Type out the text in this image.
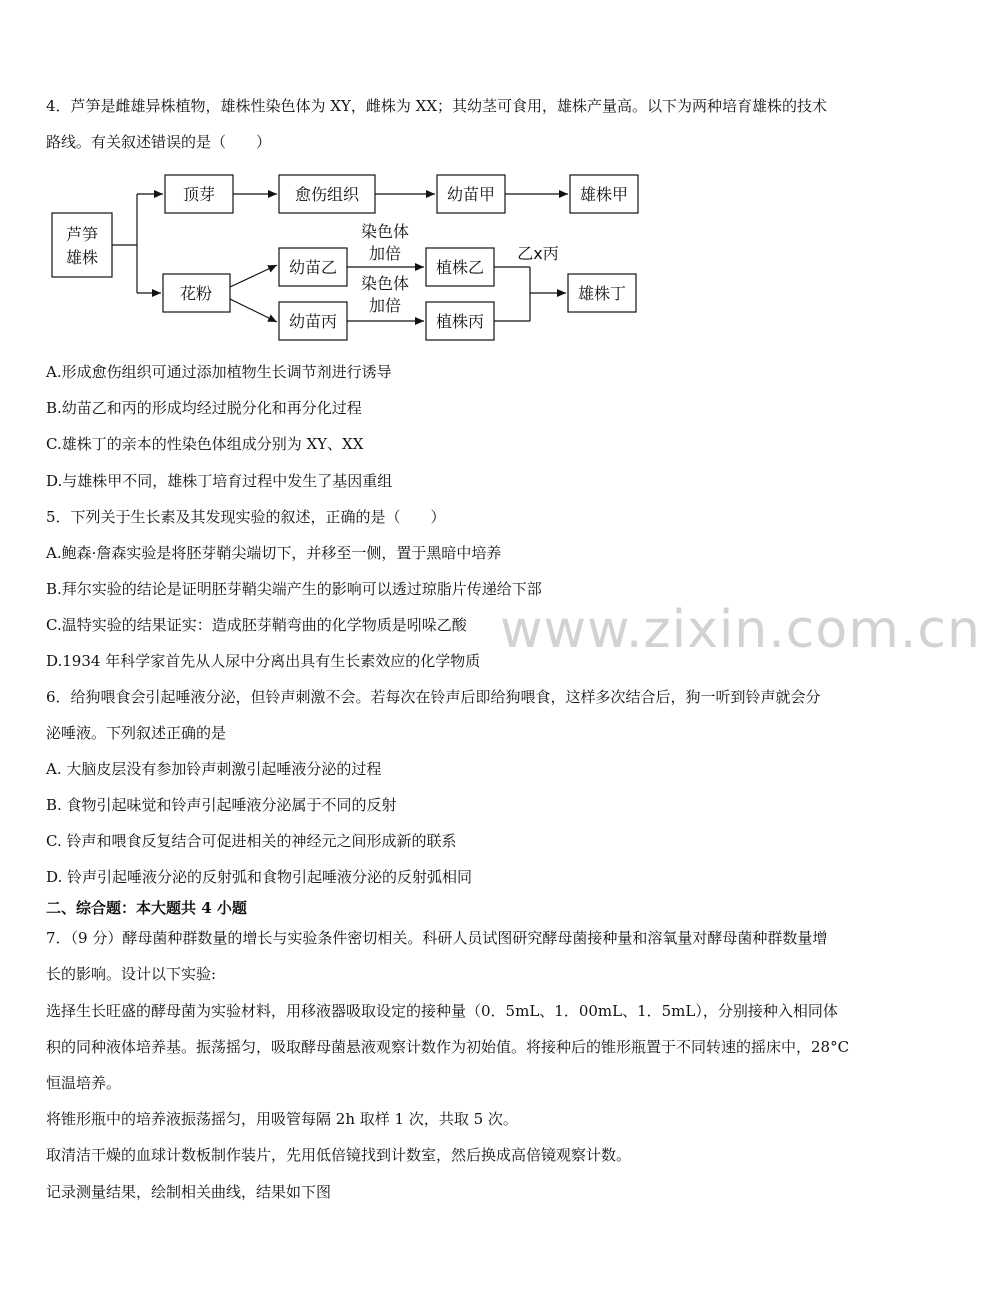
www.zixin.com.cn
4．芦笋是雌雄异株植物，雄株性染色体为 XY，雌株为 XX；其幼茎可食用，雄株产量高。以下为两种培育雄株的技术
路线。有关叙述错误的是（　　）
芦笋
雄株
顶芽	愈伤组织	幼苗甲	雄株甲
花粉
幼苗乙
幼苗丙
植株乙
植株丙
雄株丁
染色体
加倍
染色体
加倍
乙x丙
A.形成愈伤组织可通过添加植物生长调节剂进行诱导
B.幼苗乙和丙的形成均经过脱分化和再分化过程
C.雄株丁的亲本的性染色体组成分别为 XY、XX
D.与雄株甲不同，雄株丁培育过程中发生了基因重组
5．下列关于生长素及其发现实验的叙述，正确的是（　　）
A.鲍森·詹森实验是将胚芽鞘尖端切下，并移至一侧，置于黑暗中培养
B.拜尔实验的结论是证明胚芽鞘尖端产生的影响可以透过琼脂片传递给下部
C.温特实验的结果证实：造成胚芽鞘弯曲的化学物质是吲哚乙酸
D.1934 年科学家首先从人尿中分离出具有生长素效应的化学物质
6．给狗喂食会引起唾液分泌，但铃声刺激不会。若每次在铃声后即给狗喂食，这样多次结合后，狗一听到铃声就会分
泌唾液。下列叙述正确的是
A. 大脑皮层没有参加铃声刺激引起唾液分泌的过程
B. 食物引起味觉和铃声引起唾液分泌属于不同的反射
C. 铃声和喂食反复结合可促进相关的神经元之间形成新的联系
D. 铃声引起唾液分泌的反射弧和食物引起唾液分泌的反射弧相同
二、综合题：本大题共 4 小题
7．（9 分）酵母菌种群数量的增长与实验条件密切相关。科研人员试图研究酵母菌接种量和溶氧量对酵母菌种群数量增
长的影响。设计以下实验:
选择生长旺盛的酵母菌为实验材料，用移液器吸取设定的接种量（0．5mL、1．00mL、1．5mL），分别接种入相同体
积的同种液体培养基。振荡摇匀，吸取酵母菌悬液观察计数作为初始值。将接种后的锥形瓶置于不同转速的摇床中，28°C
恒温培养。
将锥形瓶中的培养液振荡摇匀，用吸管每隔 2h 取样 1 次，共取 5 次。
取清洁干燥的血球计数板制作装片，先用低倍镜找到计数室，然后换成高倍镜观察计数。
记录测量结果，绘制相关曲线，结果如下图
